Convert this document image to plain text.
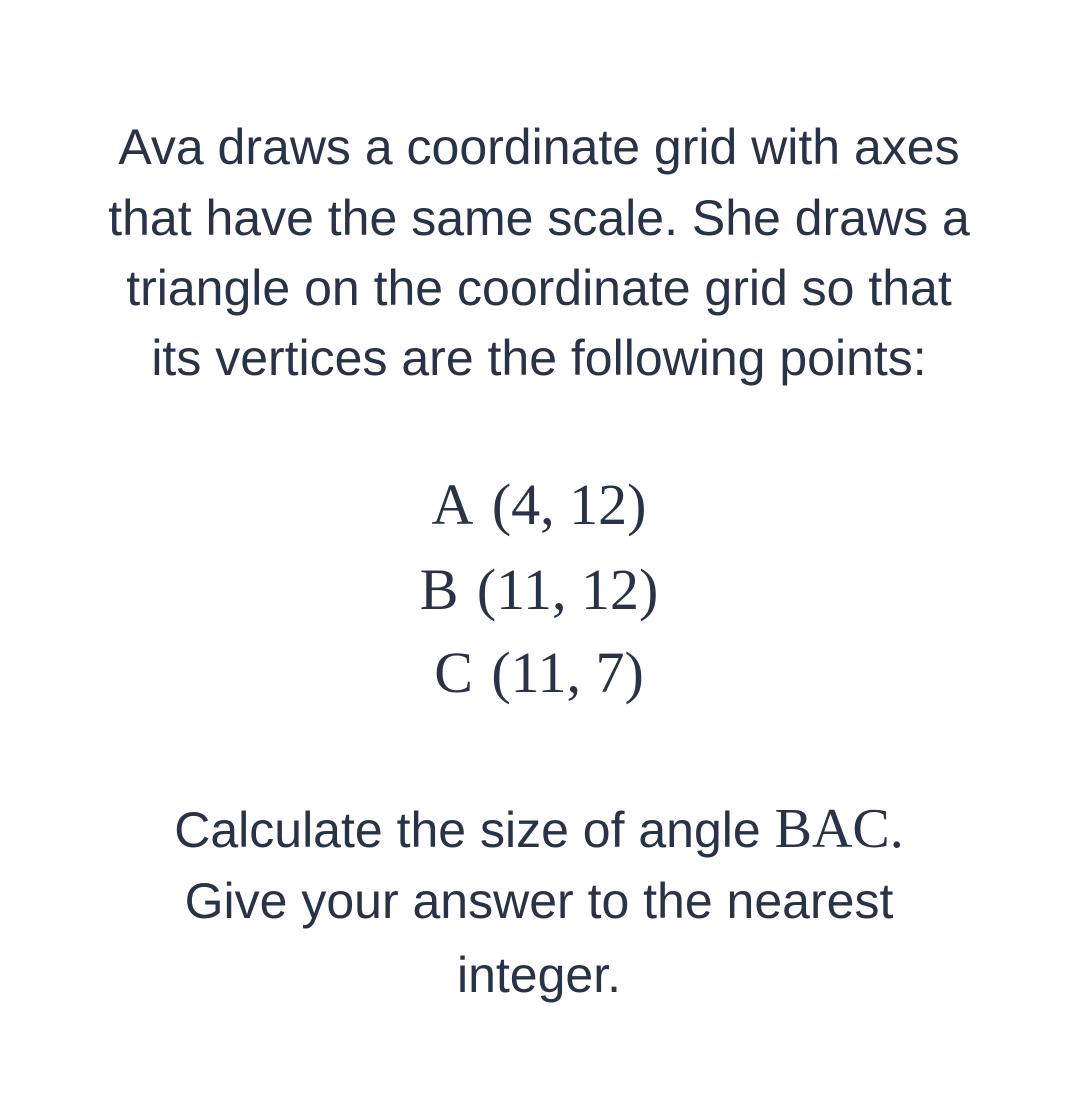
Ava draws a coordinate grid with axes
that have the same scale. She draws a
triangle on the coordinate grid so that
its vertices are the following points:
A (4, 12)
B (11, 12)
C (11, 7)
Calculate the size of angle BAC.
Give your answer to the nearest
integer.
